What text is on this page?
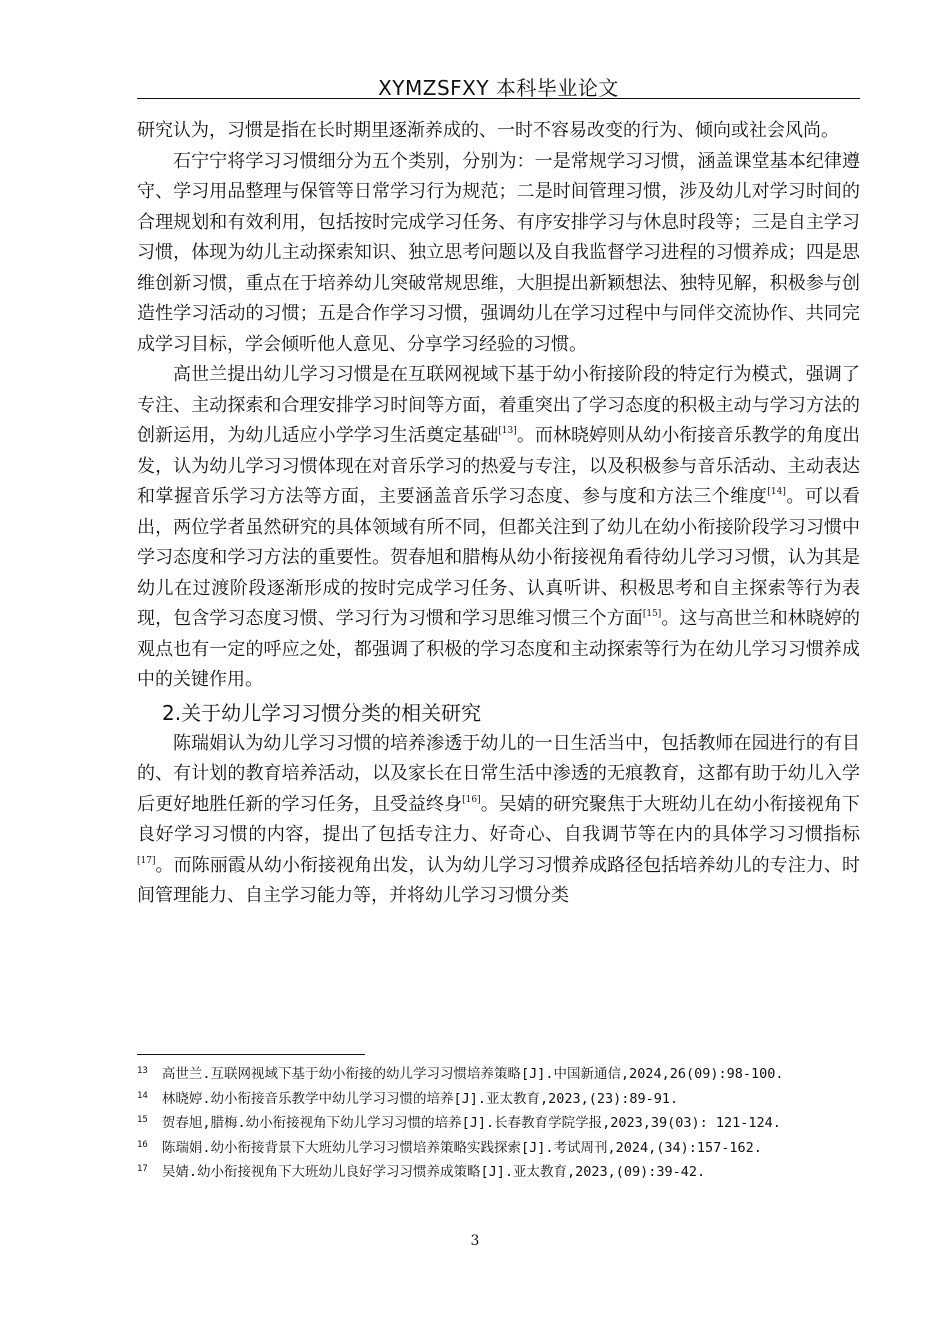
XYMZSFXY 本科毕业论文

研究认为，习惯是指在长时期里逐渐养成的、一时不容易改变的行为、倾向或社会风尚。

石宁宁将学习习惯细分为五个类别，分别为：一是常规学习习惯，涵盖课堂基本纪律遵守、学习用品整理与保管等日常学习行为规范；二是时间管理习惯，涉及幼儿对学习时间的合理规划和有效利用，包括按时完成学习任务、有序安排学习与休息时段等；三是自主学习习惯，体现为幼儿主动探索知识、独立思考问题以及自我监督学习进程的习惯养成；四是思维创新习惯，重点在于培养幼儿突破常规思维，大胆提出新颖想法、独特见解，积极参与创造性学习活动的习惯；五是合作学习习惯，强调幼儿在学习过程中与同伴交流协作、共同完成学习目标，学会倾听他人意见、分享学习经验的习惯。

高世兰提出幼儿学习习惯是在互联网视域下基于幼小衔接阶段的特定行为模式，强调了专注、主动探索和合理安排学习时间等方面，着重突出了学习态度的积极主动与学习方法的创新运用，为幼儿适应小学学习生活奠定基础[13]。而林晓婷则从幼小衔接音乐教学的角度出发，认为幼儿学习习惯体现在对音乐学习的热爱与专注，以及积极参与音乐活动、主动表达和掌握音乐学习方法等方面，主要涵盖音乐学习态度、参与度和方法三个维度[14]。可以看出，两位学者虽然研究的具体领域有所不同，但都关注到了幼儿在幼小衔接阶段学习习惯中学习态度和学习方法的重要性。贺春旭和腊梅从幼小衔接视角看待幼儿学习习惯，认为其是幼儿在过渡阶段逐渐形成的按时完成学习任务、认真听讲、积极思考和自主探索等行为表现，包含学习态度习惯、学习行为习惯和学习思维习惯三个方面[15]。这与高世兰和林晓婷的观点也有一定的呼应之处，都强调了积极的学习态度和主动探索等行为在幼儿学习习惯养成中的关键作用。

2.关于幼儿学习习惯分类的相关研究

陈瑞娟认为幼儿学习习惯的培养渗透于幼儿的一日生活当中，包括教师在园进行的有目的、有计划的教育培养活动，以及家长在日常生活中渗透的无痕教育，这都有助于幼儿入学后更好地胜任新的学习任务，且受益终身[16]。吴婧的研究聚焦于大班幼儿在幼小衔接视角下良好学习习惯的内容，提出了包括专注力、好奇心、自我调节等在内的具体学习习惯指标[17]。而陈丽霞从幼小衔接视角出发，认为幼儿学习习惯养成路径包括培养幼儿的专注力、时间管理能力、自主学习能力等，并将幼儿学习习惯分类

$^{13}$ 高世兰.互联网视域下基于幼小衔接的幼儿学习习惯培养策略[J].中国新通信,2024,26(09):98-100.

$^{14}$ 林晓婷.幼小衔接音乐教学中幼儿学习习惯的培养[J].亚太教育,2023,(23):89-91.

$^{15}$ 贺春旭,腊梅.幼小衔接视角下幼儿学习习惯的培养[J].长春教育学院学报,2023,39(03): 121-124.

$^{16}$ 陈瑞娟.幼小衔接背景下大班幼儿学习习惯培养策略实践探索[J].考试周刊,2024,(34):157-162.

$^{17}$ 吴婧.幼小衔接视角下大班幼儿良好学习习惯养成策略[J].亚太教育,2023,(09):39-42.

3
